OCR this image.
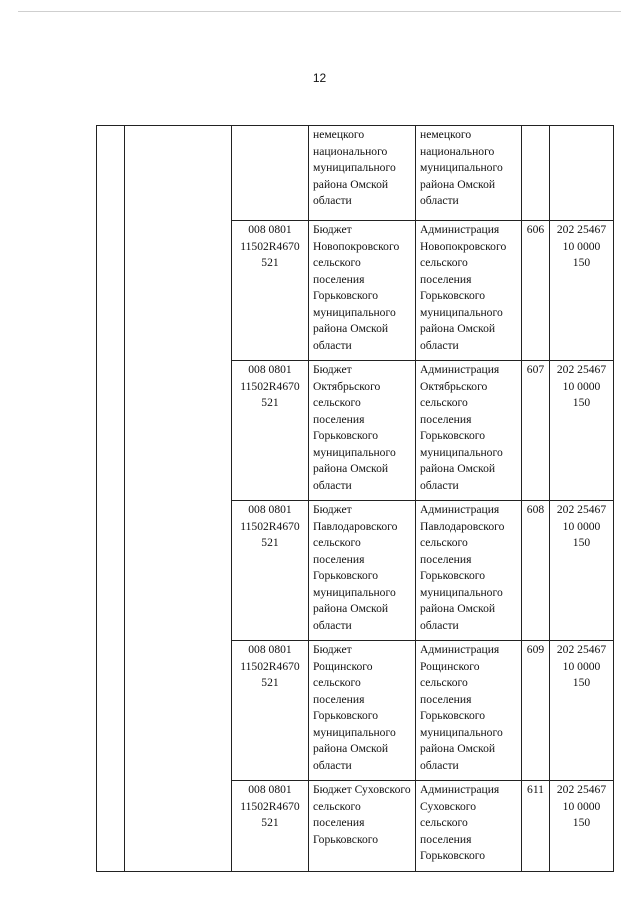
12
			немецкого национального муниципального района Омской области	немецкого национального муниципального района Омской области		
		008 0801 11502R4670 521	Бюджет Новопокровского сельского поселения Горьковского муниципального района Омской области	Администрация Новопокровского сельского поселения Горьковского муниципального района Омской области	606	202 25467 10 0000 150
		008 0801 11502R4670 521	Бюджет Октябрьского сельского поселения Горьковского муниципального района Омской области	Администрация Октябрьского сельского поселения Горьковского муниципального района Омской области	607	202 25467 10 0000 150
		008 0801 11502R4670 521	Бюджет Павлодаровского сельского поселения Горьковского муниципального района Омской области	Администрация Павлодаровского сельского поселения Горьковского муниципального района Омской области	608	202 25467 10 0000 150
		008 0801 11502R4670 521	Бюджет Рощинского сельского поселения Горьковского муниципального района Омской области	Администрация Рощинского сельского поселения Горьковского муниципального района Омской области	609	202 25467 10 0000 150
		008 0801 11502R4670 521	Бюджет Суховского сельского поселения Горьковского	Администрация Суховского сельского поселения Горьковского	611	202 25467 10 0000 150
